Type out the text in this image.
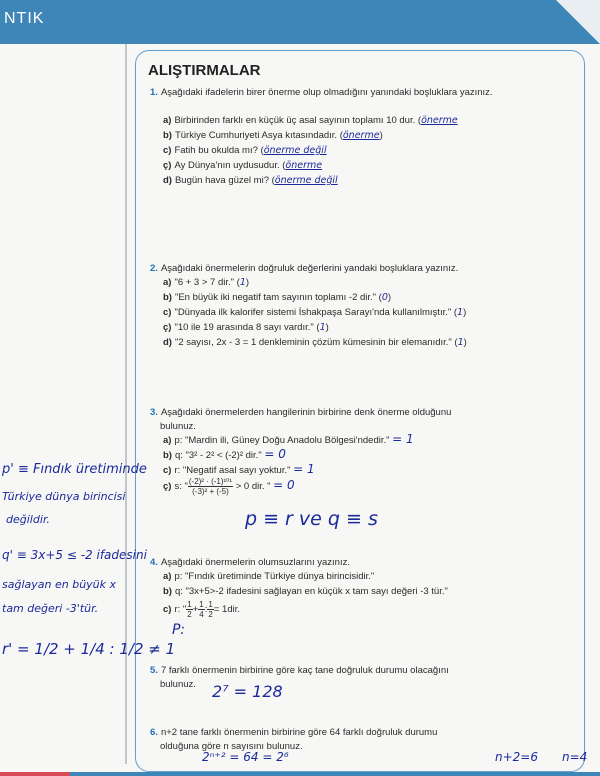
NTIK
ALIŞTIRMALAR
1. Aşağıdaki ifadelerin birer önerme olup olmadığını yanındaki boşluklara yazınız.
a) Birbirinden farklı en küçük üç asal sayının toplamı 10 dur. (önerme
b) Türkiye Cumhuriyeti Asya kıtasındadır. (önerme)
c) Fatih bu okulda mı? (önerme değil
ç) Ay Dünya'nın uydusudur. (önerme
d) Bugün hava güzel mi? (önerme değil
2. Aşağıdaki önermelerin doğruluk değerlerini yandaki boşluklara yazınız.
a) "6 + 3 > 7 dir." (1)
b) "En büyük iki negatif tam sayının toplamı -2 dir." (0)
c) "Dünyada ilk kalorifer sistemi İshakpaşa Sarayı'nda kullanılmıştır." (1)
ç) "10 ile 19 arasında 8 sayı vardır." (1)
d) "2 sayısı, 2x - 3 = 1 denkleminin çözüm kümesinin bir elemanıdır." (1)
3. Aşağıdaki önermelerden hangilerinin birbirine denk önerme olduğunu
bulunuz.
a) p: "Mardin ili, Güney Doğu Anadolu Bölgesi'ndedir." = 1
b) q: "3² - 2² < (-2)² dir." = 0
c) r: "Negatif asal sayı yoktur." = 1
ç) s: " $\frac{\text{(-2)² · (-1)¹⁰¹}}{\text{(-3)² + (-5)}} > 0$ dir. " = 0
p ≡ r ve q ≡ s
4. Aşağıdaki önermelerin olumsuzlarını yazınız.
a) p: "Fındık üretiminde Türkiye dünya birincisidir."
b) q: "3x+5>-2 ifadesini sağlayan en küçük x tam sayı değeri -3 tür."
c) r: " $\frac{1}{2} + \frac{1}{4}$ : $\frac{1}{2} = 1dir$.
P:
5. 7 farklı önermenin birbirine göre kaç tane doğruluk durumu olacağını
bulunuz.	2⁷ = 128
6. n+2 tane farklı önermenin birbirine göre 64 farklı doğruluk durumu
olduğuna göre n sayısını bulunuz.
2ⁿ⁺² = 64 = 2⁶	n+2=6 n=4
p' ≡ Fındık üretiminde
Türkiye dünya birincisi
değildir.
q' ≡ 3x+5 ≤ -2 ifadesini
sağlayan en büyük x
tam değeri -3'tür.
r' = 1/2 + 1/4 : 1/2 ≠ 1
